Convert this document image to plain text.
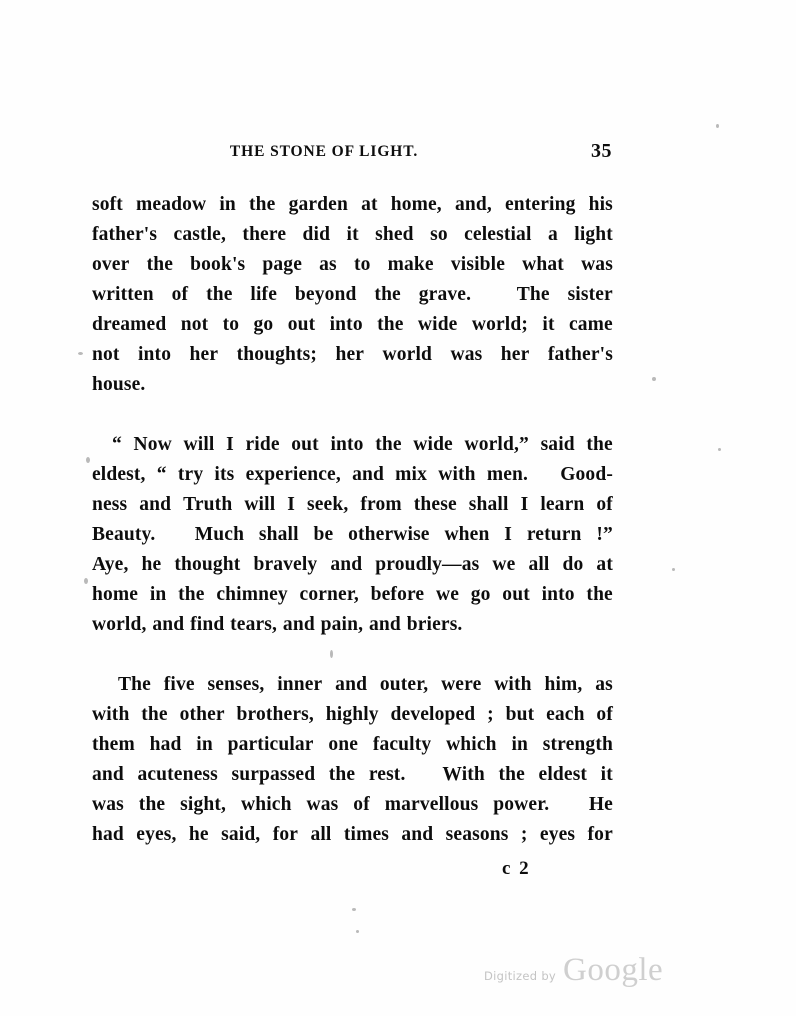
THE STONE OF LIGHT.	35
soft meadow in the garden at home, and, entering his
father's castle, there did it shed so celestial a light
over the book's page as to make visible what was
written of the life beyond the grave.
The sister
dreamed not to go out into the wide world; it came
not into her thoughts; her world was her father's
house.
“ Now will I ride out into the wide world,” said the
eldest, “ try its experience, and mix with men.
Good-
ness and Truth will I seek, from these shall I learn of
Beauty.
Much shall be otherwise when I return !”
Aye, he thought bravely and proudly—as we all do at
home in the chimney corner, before we go out into the
world, and find tears, and pain, and briers.
The five senses, inner and outer, were with him, as
with the other brothers, highly developed ; but each of
them had in particular one faculty which in strength
and acuteness surpassed the rest.
With the eldest it
was the sight, which was of marvellous power.
He
had eyes, he said, for all times and seasons ; eyes for
c 2
Digitized by Google
